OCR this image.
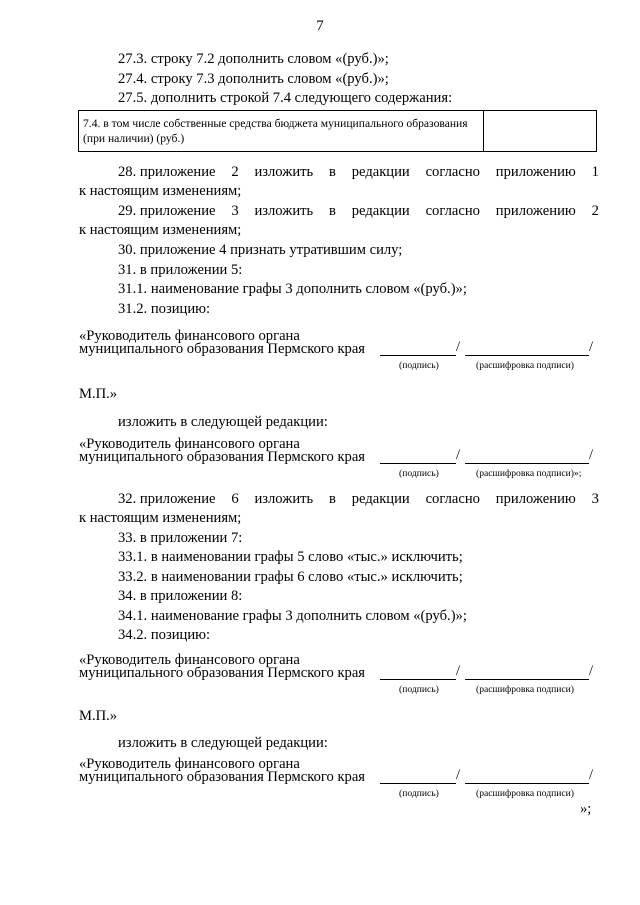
7
27.3. строку 7.2 дополнить словом «(руб.)»;
27.4. строку 7.3 дополнить словом «(руб.)»;
27.5. дополнить строкой 7.4 следующего содержания:
7.4. в том числе собственные средства бюджета муниципального образования (при наличии) (руб.)
28. приложение 2 изложить в редакции согласно приложению 1
к настоящим изменениям;
29. приложение 3 изложить в редакции согласно приложению 2
к настоящим изменениям;
30. приложение 4 признать утратившим силу;
31. в приложении 5:
31.1. наименование графы 3 дополнить словом «(руб.)»;
31.2. позицию:
«Руководитель финансового органа
муниципального образования Пермского края	/	/
(подпись)	(расшифровка подписи)
М.П.»
изложить в следующей редакции:
«Руководитель финансового органа
муниципального образования Пермского края	/	/
(подпись)	(расшифровка подписи)»;
32. приложение 6 изложить в редакции согласно приложению 3
к настоящим изменениям;
33. в приложении 7:
33.1. в наименовании графы 5 слово «тыс.» исключить;
33.2. в наименовании графы 6 слово «тыс.» исключить;
34. в приложении 8:
34.1. наименование графы 3 дополнить словом «(руб.)»;
34.2. позицию:
«Руководитель финансового органа
муниципального образования Пермского края	/	/
(подпись)	(расшифровка подписи)
М.П.»
изложить в следующей редакции:
«Руководитель финансового органа
муниципального образования Пермского края	/	/
(подпись)	(расшифровка подписи)
»;
